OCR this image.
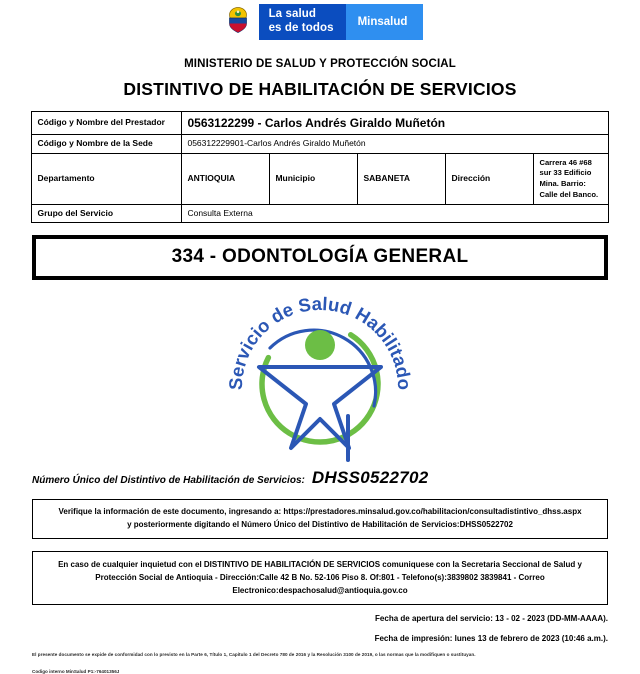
La salud
es de todos	Minsalud
MINISTERIO DE SALUD Y PROTECCIÓN SOCIAL
DISTINTIVO DE HABILITACIÓN DE SERVICIOS
Código y Nombre del Prestador	0563122299 - Carlos Andrés Giraldo Muñetón				
Código y Nombre de la Sede	056312229901-Carlos Andrés Giraldo Muñetón				
Departamento	ANTIOQUIA	Municipio	SABANETA	Dirección	Carrera 46 #68 sur 33 Edificio Mina. Barrio: Calle del Banco.
Grupo del Servicio	Consulta Externa				
334 - ODONTOLOGÍA GENERAL
Servicio de Salud Habilitado
Número Único del Distintivo de Habilitación de Servicios: DHSS0522702
Verifique la información de este documento, ingresando a: https://prestadores.minsalud.gov.co/habilitacion/consultadistintivo_dhss.aspx
y posteriormente digitando el Número Único del Distintivo de Habilitación de Servicios:DHSS0522702
En caso de cualquier inquietud con el DISTINTIVO DE HABILITACIÓN DE SERVICIOS comuniquese con la Secretaria Seccional de Salud y
Protección Social de Antioquia - Dirección:Calle 42 B No. 52-106 Piso 8. Of:801 - Telefono(s):3839802 3839841 - Correo
Electronico:despachosalud@antioquia.gov.co
Fecha de apertura del servicio: 13 - 02 - 2023 (DD-MM-AAAA).
Fecha de impresión: lunes 13 de febrero de 2023 (10:46 a.m.).
El presente documento se expide de conformidad con lo previsto en la Parte 6, Título 1, Capítulo 1 del Decreto 780 de 2016 y la Resolución 3100 de 2019, o las normas que la modifiquen o sustituyan.
Codigo interno MinSalud P1:-76401356J
